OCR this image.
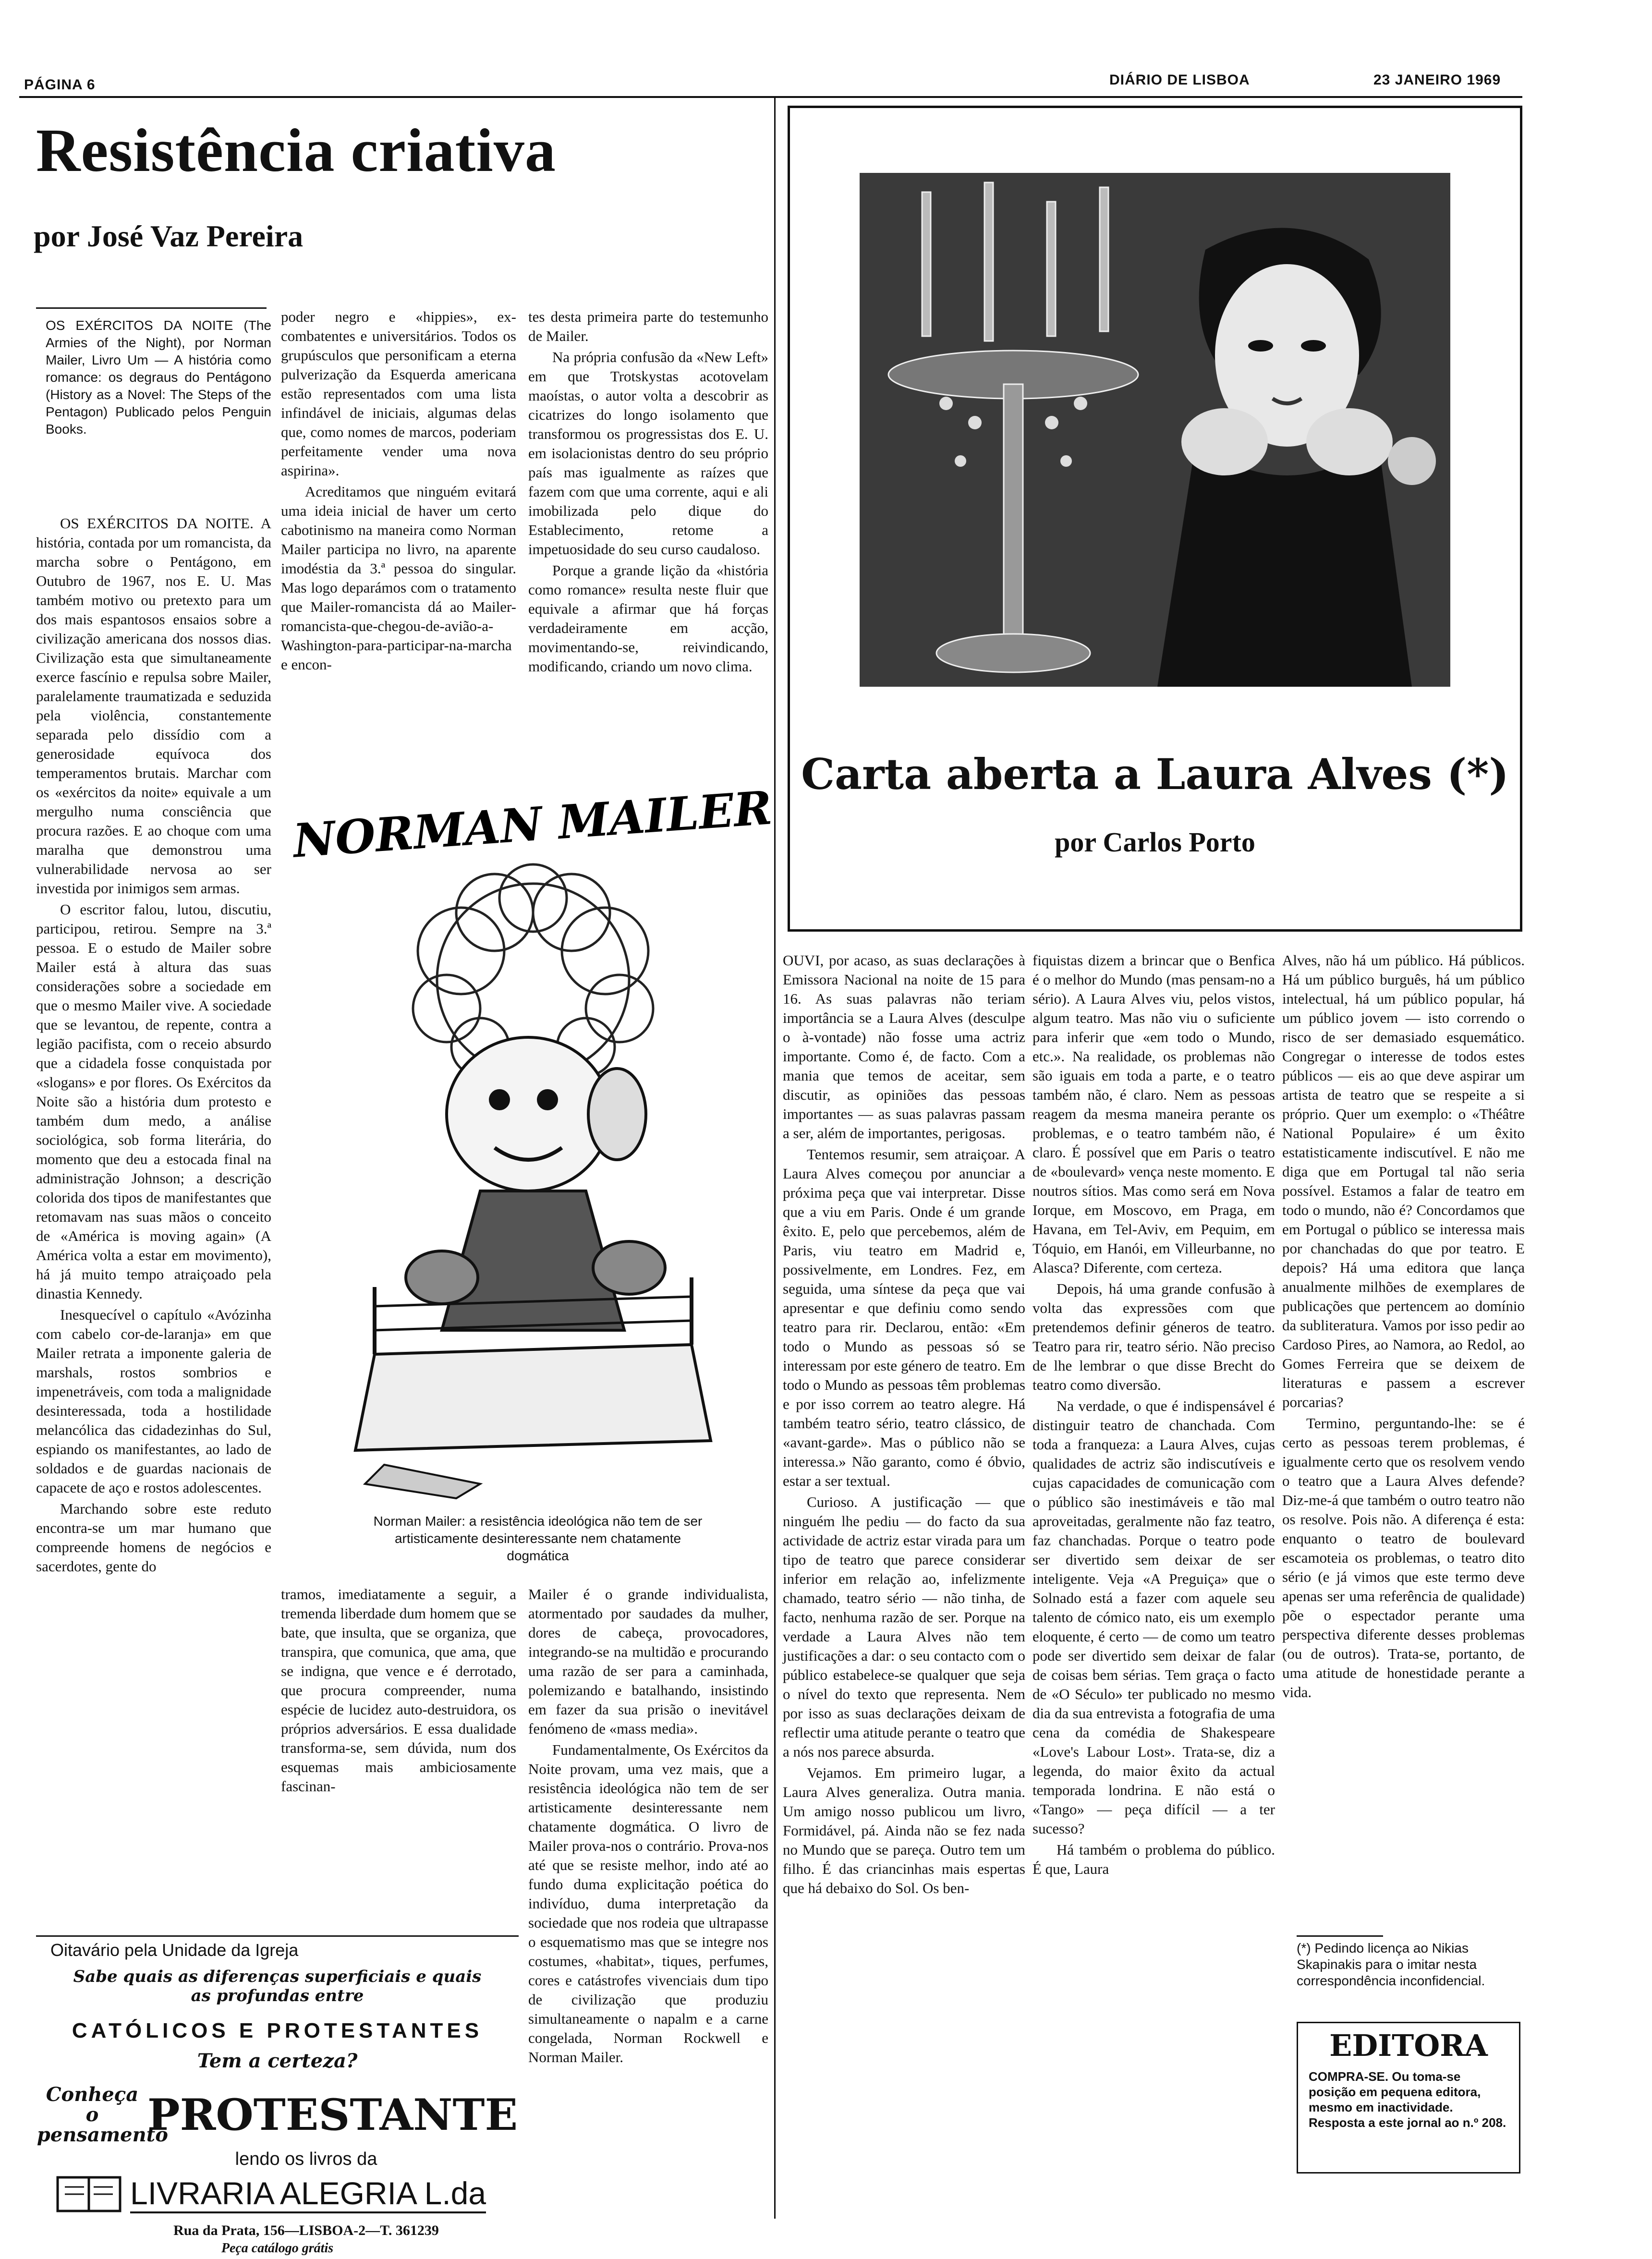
PÁGINA 6	DIÁRIO DE LISBOA	23 JANEIRO 1969
Resistência criativa
por José Vaz Pereira

OS EXÉRCITOS DA NOITE (The Armies of the Night), por Norman Mailer, Livro Um — A história como romance: os degraus do Pentágono (History as a Novel: The Steps of the Pentagon) Publicado pelos Penguin Books.

OS EXÉRCITOS DA NOITE. A história, contada por um romancista, da marcha sobre o Pentágono, em Outubro de 1967, nos E. U. Mas também motivo ou pretexto para um dos mais espantosos ensaios sobre a civilização americana dos nossos dias. Civilização esta que simultaneamente exerce fascínio e repulsa sobre Mailer, paralelamente traumatizada e seduzida pela violência, constantemente separada pelo dissídio com a generosidade equívoca dos temperamentos brutais. Marchar com os «exércitos da noite» equivale a um mergulho numa consciência que procura razões. E ao choque com uma maralha que demonstrou uma vulnerabilidade nervosa ao ser investida por inimigos sem armas.

O escritor falou, lutou, discutiu, participou, retirou. Sempre na 3.ª pessoa. E o estudo de Mailer sobre Mailer está à altura das suas considerações sobre a sociedade em que o mesmo Mailer vive. A sociedade que se levantou, de repente, contra a legião pacifista, com o receio absurdo que a cidadela fosse conquistada por «slogans» e por flores. Os Exércitos da Noite são a história dum protesto e também dum medo, a análise sociológica, sob forma literária, do momento que deu a estocada final na administração Johnson; a descrição colorida dos tipos de manifestantes que retomavam nas suas mãos o conceito de «América is moving again» (A América volta a estar em movimento), há já muito tempo atraiçoado pela dinastia Kennedy.

Inesquecível o capítulo «Avózinha com cabelo cor-de-laranja» em que Mailer retrata a imponente galeria de marshals, rostos sombrios e impenetráveis, com toda a malignidade desinteressada, toda a hostilidade melancólica das cidadezinhas do Sul, espiando os manifestantes, ao lado de soldados e de guardas nacionais de capacete de aço e rostos adolescentes.

Marchando sobre este reduto encontra-se um mar humano que compreende homens de negócios e sacerdotes, gente do

poder negro e «hippies», ex-combatentes e universitários. Todos os grupúsculos que personificam a eterna pulverização da Esquerda americana estão representados com uma lista infindável de iniciais, algumas delas que, como nomes de marcos, poderiam perfeitamente vender uma nova aspirina».

Acreditamos que ninguém evitará uma ideia inicial de haver um certo cabotinismo na maneira como Norman Mailer participa no livro, na aparente imodéstia da 3.ª pessoa do singular. Mas logo deparámos com o tratamento que Mailer-romancista dá ao Mailer-romancista-que-chegou-de-avião-a-Washington-para-participar-na-marcha e encon-

tes desta primeira parte do testemunho de Mailer.

Na própria confusão da «New Left» em que Trotskystas acotovelam maoístas, o autor volta a descobrir as cicatrizes do longo isolamento que transformou os progressistas dos E. U. em isolacionistas dentro do seu próprio país mas igualmente as raízes que fazem com que uma corrente, aqui e ali imobilizada pelo dique do Establecimento, retome a impetuosidade do seu curso caudaloso.

Porque a grande lição da «história como romance» resulta neste fluir que equivale a afirmar que há forças verdadeiramente em acção, movimentando-se, reivindicando, modificando, criando um novo clima.

NORMAN MAILER
Norman Mailer: a resistência ideológica não tem de ser artisticamente desinteressante nem chatamente dogmática

tramos, imediatamente a seguir, a tremenda liberdade dum homem que se bate, que insulta, que se organiza, que transpira, que comunica, que ama, que se indigna, que vence e é derrotado, que procura compreender, numa espécie de lucidez auto-destruidora, os próprios adversários. E essa dualidade transforma-se, sem dúvida, num dos esquemas mais ambiciosamente fascinan-

Mailer é o grande individualista, atormentado por saudades da mulher, dores de cabeça, provocadores, integrando-se na multidão e procurando uma razão de ser para a caminhada, polemizando e batalhando, insistindo em fazer da sua prisão o inevitável fenómeno de «mass media».

Fundamentalmente, Os Exércitos da Noite provam, uma vez mais, que a resistência ideológica não tem de ser artisticamente desinteressante nem chatamente dogmática. O livro de Mailer prova-nos o contrário. Prova-nos até que se resiste melhor, indo até ao fundo duma explicitação poética do indivíduo, duma interpretação da sociedade que nos rodeia que ultrapasse o esquematismo mas que se integre nos costumes, «habitat», tiques, perfumes, cores e catástrofes vivenciais dum tipo de civilização que produziu simultaneamente o napalm e a carne congelada, Norman Rockwell e Norman Mailer.

Oitavário pela Unidade da Igreja
Sabe quais as diferenças superficiais e quais as profundas entre
CATÓLICOS E PROTESTANTES
Tem a certeza?
Conheça o pensamento
PROTESTANTE
lendo os livros da
LIVRARIA ALEGRIA L.da
Rua da Prata, 156—LISBOA-2—T. 361239
Peça catálogo grátis
Carta aberta a Laura Alves (*)
por Carlos Porto

OUVI, por acaso, as suas declarações à Emissora Nacional na noite de 15 para 16. As suas palavras não teriam importância se a Laura Alves (desculpe o à-vontade) não fosse uma actriz importante. Como é, de facto. Com a mania que temos de aceitar, sem discutir, as opiniões das pessoas importantes — as suas palavras passam a ser, além de importantes, perigosas.

Tentemos resumir, sem atraiçoar. A Laura Alves começou por anunciar a próxima peça que vai interpretar. Disse que a viu em Paris. Onde é um grande êxito. E, pelo que percebemos, além de Paris, viu teatro em Madrid e, possivelmente, em Londres. Fez, em seguida, uma síntese da peça que vai apresentar e que definiu como sendo teatro para rir. Declarou, então: «Em todo o Mundo as pessoas só se interessam por este género de teatro. Em todo o Mundo as pessoas têm problemas e por isso correm ao teatro alegre. Há também teatro sério, teatro clássico, de «avant-garde». Mas o público não se interessa.» Não garanto, como é óbvio, estar a ser textual.

Curioso. A justificação — que ninguém lhe pediu — do facto da sua actividade de actriz estar virada para um tipo de teatro que parece considerar inferior em relação ao, infelizmente chamado, teatro sério — não tinha, de facto, nenhuma razão de ser. Porque na verdade a Laura Alves não tem justificações a dar: o seu contacto com o público estabelece-se qualquer que seja o nível do texto que representa. Nem por isso as suas declarações deixam de reflectir uma atitude perante o teatro que a nós nos parece absurda.

Vejamos. Em primeiro lugar, a Laura Alves generaliza. Outra mania. Um amigo nosso publicou um livro, Formidável, pá. Ainda não se fez nada no Mundo que se pareça. Outro tem um filho. É das criancinhas mais espertas que há debaixo do Sol. Os ben-

fiquistas dizem a brincar que o Benfica é o melhor do Mundo (mas pensam-no a sério). A Laura Alves viu, pelos vistos, algum teatro. Mas não viu o suficiente para inferir que «em todo o Mundo, etc.». Na realidade, os problemas não são iguais em toda a parte, e o teatro também não, é claro. Nem as pessoas reagem da mesma maneira perante os problemas, e o teatro também não, é claro. É possível que em Paris o teatro de «boulevard» vença neste momento. E noutros sítios. Mas como será em Nova Iorque, em Moscovo, em Praga, em Havana, em Tel-Aviv, em Pequim, em Tóquio, em Hanói, em Villeurbanne, no Alasca? Diferente, com certeza.

Depois, há uma grande confusão à volta das expressões com que pretendemos definir géneros de teatro. Teatro para rir, teatro sério. Não preciso de lhe lembrar o que disse Brecht do teatro como diversão.

Na verdade, o que é indispensável é distinguir teatro de chanchada. Com toda a franqueza: a Laura Alves, cujas qualidades de actriz são indiscutíveis e cujas capacidades de comunicação com o público são inestimáveis e tão mal aproveitadas, geralmente não faz teatro, faz chanchadas. Porque o teatro pode ser divertido sem deixar de ser inteligente. Veja «A Preguiça» que o Solnado está a fazer com aquele seu talento de cómico nato, eis um exemplo eloquente, é certo — de como um teatro pode ser divertido sem deixar de falar de coisas bem sérias. Tem graça o facto de «O Século» ter publicado no mesmo dia da sua entrevista a fotografia de uma cena da comédia de Shakespeare «Love's Labour Lost». Trata-se, diz a legenda, do maior êxito da actual temporada londrina. E não está o «Tango» — peça difícil — a ter sucesso?

Há também o problema do público. É que, Laura

Alves, não há um público. Há públicos. Há um público burguês, há um público intelectual, há um público popular, há um público jovem — isto correndo o risco de ser demasiado esquemático. Congregar o interesse de todos estes públicos — eis ao que deve aspirar um artista de teatro que se respeite a si próprio. Quer um exemplo: o «Théâtre National Populaire» é um êxito estatisticamente indiscutível. E não me diga que em Portugal tal não seria possível. Estamos a falar de teatro em todo o mundo, não é? Concordamos que em Portugal o público se interessa mais por chanchadas do que por teatro. E depois? Há uma editora que lança anualmente milhões de exemplares de publicações que pertencem ao domínio da subliteratura. Vamos por isso pedir ao Cardoso Pires, ao Namora, ao Redol, ao Gomes Ferreira que se deixem de literaturas e passem a escrever porcarias?

Termino, perguntando-lhe: se é certo as pessoas terem problemas, é igualmente certo que os resolvem vendo o teatro que a Laura Alves defende? Diz-me-á que também o outro teatro não os resolve. Pois não. A diferença é esta: enquanto o teatro de boulevard escamoteia os problemas, o teatro dito sério (e já vimos que este termo deve apenas ser uma referência de qualidade) põe o espectador perante uma perspectiva diferente desses problemas (ou de outros). Trata-se, portanto, de uma atitude de honestidade perante a vida.

(*) Pedindo licença ao Nikias Skapinakis para o imitar nesta correspondência inconfidencial.
EDITORA
COMPRA-SE. Ou toma-se posição em pequena editora, mesmo em inactividade. Resposta a este jornal ao n.º 208.
